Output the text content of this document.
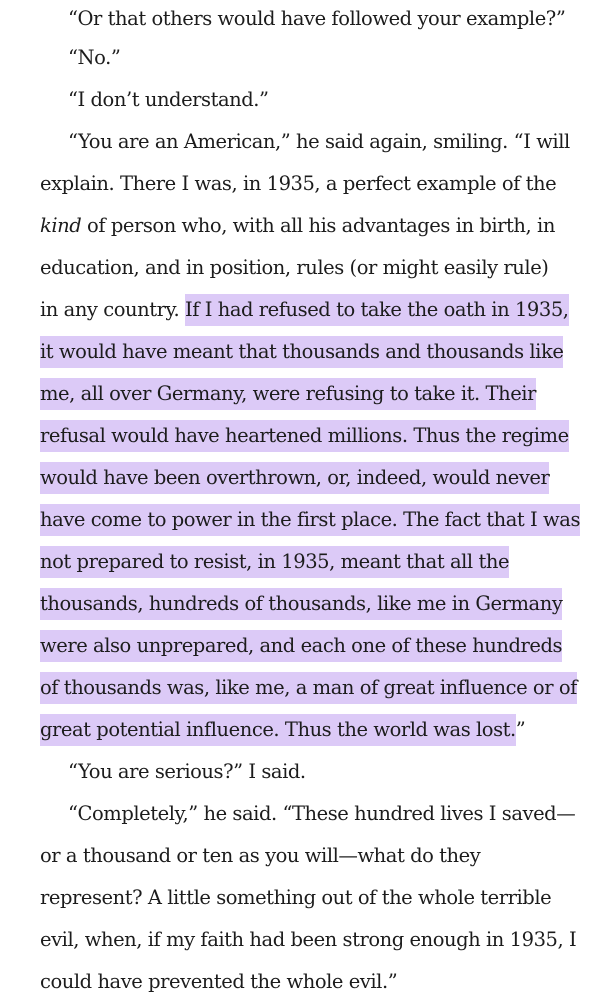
“Or that others would have followed your example?”
“No.”
“I don’t understand.”
“You are an American,” he said again, smiling. “I will
explain. There I was, in 1935, a perfect example of the
kind of person who, with all his advantages in birth, in
education, and in position, rules (or might easily rule)
in any country. If I had refused to take the oath in 1935,
it would have meant that thousands and thousands like
me, all over Germany, were refusing to take it. Their
refusal would have heartened millions. Thus the regime
would have been overthrown, or, indeed, would never
have come to power in the first place. The fact that I was
not prepared to resist, in 1935, meant that all the
thousands, hundreds of thousands, like me in Germany
were also unprepared, and each one of these hundreds
of thousands was, like me, a man of great influence or of
great potential influence. Thus the world was lost.”
“You are serious?” I said.
“Completely,” he said. “These hundred lives I saved—
or a thousand or ten as you will—what do they
represent? A little something out of the whole terrible
evil, when, if my faith had been strong enough in 1935, I
could have prevented the whole evil.”
